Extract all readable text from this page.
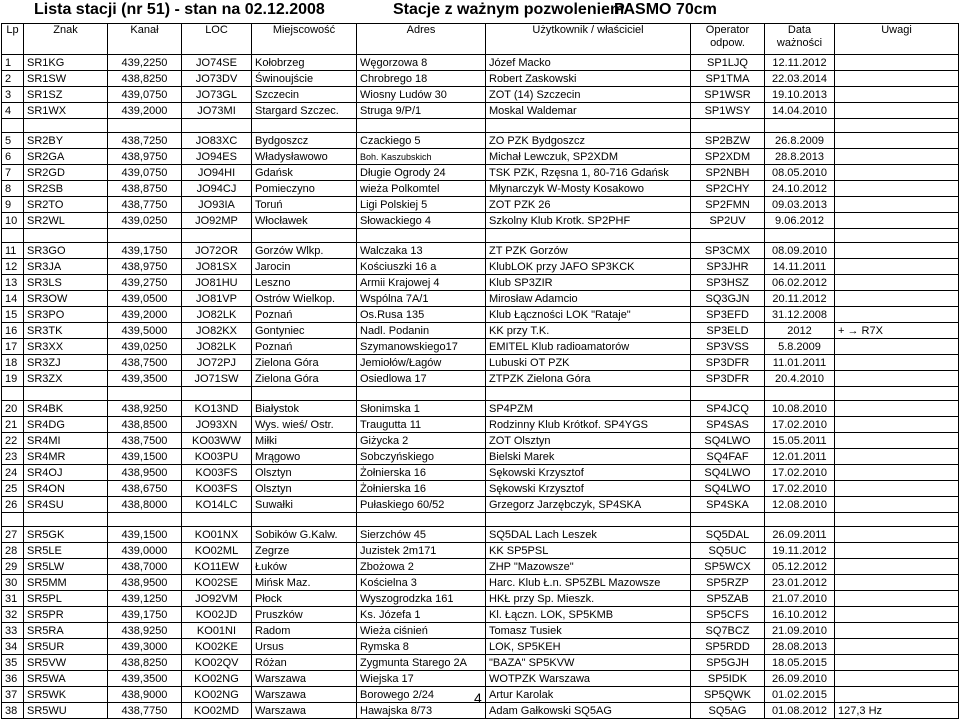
Lista stacji (nr 51) - stan na 02.12.2008	Stacje z ważnym pozwoleniem
PASMO 70cm
Lp	Znak	Kanał	LOC	Miejscowość	Adres	Użytkownik / właściciel	Operator odpow.	Data ważności	Uwagi
1	SR1KG	439,2250	JO74SE	Kołobrzeg	Węgorzowa 8	Józef Macko	SP1LJQ	12.11.2012	
2	SR1SW	438,8250	JO73DV	Świnoujście	Chrobrego 18	Robert Zaskowski	SP1TMA	22.03.2014	
3	SR1SZ	439,0750	JO73GL	Szczecin	Wiosny Ludów 30	ZOT (14) Szczecin	SP1WSR	19.10.2013	
4	SR1WX	439,2000	JO73MI	Stargard Szczec.	Struga 9/P/1	Moskal Waldemar	SP1WSY	14.04.2010	

5	SR2BY	438,7250	JO83XC	Bydgoszcz	Czackiego 5	ZO PZK Bydgoszcz	SP2BZW	26.8.2009	
6	SR2GA	438,9750	JO94ES	Władysławowo	Boh. Kaszubskich	Michał Lewczuk, SP2XDM	SP2XDM	28.8.2013	
7	SR2GD	439,0750	JO94HI	Gdańsk	Długie Ogrody 24	TSK PZK, Rzęsna 1, 80-716 Gdańsk	SP2NBH	08.05.2010	
8	SR2SB	438,8750	JO94CJ	Pomieczyno	wieża Polkomtel	Młynarczyk W-Mosty Kosakowo	SP2CHY	24.10.2012	
9	SR2TO	438,7750	JO93IA	Toruń	Ligi Polskiej 5	ZOT PZK 26	SP2FMN	09.03.2013	
10	SR2WL	439,0250	JO92MP	Włocławek	Słowackiego 4	Szkolny Klub Krotk. SP2PHF	SP2UV	9.06.2012	

11	SR3GO	439,1750	JO72OR	Gorzów Wlkp.	Walczaka 13	ZT PZK Gorzów	SP3CMX	08.09.2010	
12	SR3JA	438,9750	JO81SX	Jarocin	Kościuszki 16 a	KlubLOK przy JAFO SP3KCK	SP3JHR	14.11.2011	
13	SR3LS	439,2750	JO81HU	Leszno	Armii Krajowej 4	Klub SP3ZIR	SP3HSZ	06.02.2012	
14	SR3OW	439,0500	JO81VP	Ostrów Wielkop.	Wspólna 7A/1	Mirosław Adamcio	SQ3GJN	20.11.2012	
15	SR3PO	439,2000	JO82LK	Poznań	Os.Rusa 135	Klub Łączności LOK "Rataje"	SP3EFD	31.12.2008	
16	SR3TK	439,5000	JO82KX	Gontyniec	Nadl. Podanin	KK przy T.K.	SP3ELD	2012	+ → R7X
17	SR3XX	439,0250	JO82LK	Poznań	Szymanowskiego17	EMITEL Klub radioamatorów	SP3VSS	5.8.2009	
18	SR3ZJ	438,7500	JO72PJ	Zielona Góra	Jemiołów/Łagów	Lubuski OT PZK	SP3DFR	11.01.2011	
19	SR3ZX	439,3500	JO71SW	Zielona Góra	Osiedlowa 17	ZTPZK Zielona Góra	SP3DFR	20.4.2010	

20	SR4BK	438,9250	KO13ND	Białystok	Słonimska 1	SP4PZM	SP4JCQ	10.08.2010	
21	SR4DG	438,8500	JO93XN	Wys. wieś/ Ostr.	Traugutta 11	Rodzinny Klub Krótkof. SP4YGS	SP4SAS	17.02.2010	
22	SR4MI	438,7500	KO03WW	Miłki	Giżycka 2	ZOT Olsztyn	SQ4LWO	15.05.2011	
23	SR4MR	439,1500	KO03PU	Mrągowo	Sobczyńskiego	Bielski Marek	SQ4FAF	12.01.2011	
24	SR4OJ	438,9500	KO03FS	Olsztyn	Żołnierska 16	Sękowski Krzysztof	SQ4LWO	17.02.2010	
25	SR4ON	438,6750	KO03FS	Olsztyn	Żołnierska 16	Sękowski Krzysztof	SQ4LWO	17.02.2010	
26	SR4SU	438,8000	KO14LC	Suwałki	Pułaskiego 60/52	Grzegorz Jarzębczyk, SP4SKA	SP4SKA	12.08.2010	

27	SR5GK	439,1500	KO01NX	Sobików G.Kalw.	Sierzchów 45	SQ5DAL Lach Leszek	SQ5DAL	26.09.2011	
28	SR5LE	439,0000	KO02ML	Zegrze	Juzistek 2m171	KK SP5PSL	SQ5UC	19.11.2012	
29	SR5LW	438,7000	KO11EW	Łuków	Zbożowa 2	ZHP "Mazowsze"	SP5WCX	05.12.2012	
30	SR5MM	438,9500	KO02SE	Mińsk Maz.	Kościelna 3	Harc. Klub Ł.n. SP5ZBL Mazowsze	SP5RZP	23.01.2012	
31	SR5PL	439,1250	JO92VM	Płock	Wyszogrodzka 161	HKŁ przy Sp. Mieszk.	SP5ZAB	21.07.2010	
32	SR5PR	439,1750	KO02JD	Pruszków	Ks. Józefa 1	Kl. Łączn. LOK, SP5KMB	SP5CFS	16.10.2012	
33	SR5RA	438,9250	KO01NI	Radom	Wieża ciśnień	Tomasz Tusiek	SQ7BCZ	21.09.2010	
34	SR5UR	439,3000	KO02KE	Ursus	Rymska 8	LOK, SP5KEH	SP5RDD	28.08.2013	
35	SR5VW	438,8250	KO02QV	Różan	Zygmunta Starego 2A	"BAZA" SP5KVW	SP5GJH	18.05.2015	
36	SR5WA	439,3500	KO02NG	Warszawa	Wiejska 17	WOTPZK Warszawa	SP5IDK	26.09.2010	
37	SR5WK	438,9000	KO02NG	Warszawa	Borowego 2/24	Artur Karolak	SP5QWK	01.02.2015	
38	SR5WU	438,7750	KO02MD	Warszawa	Hawajska 8/73	Adam Gałkowski SQ5AG	SQ5AG	01.08.2012	127,3 Hz
4
